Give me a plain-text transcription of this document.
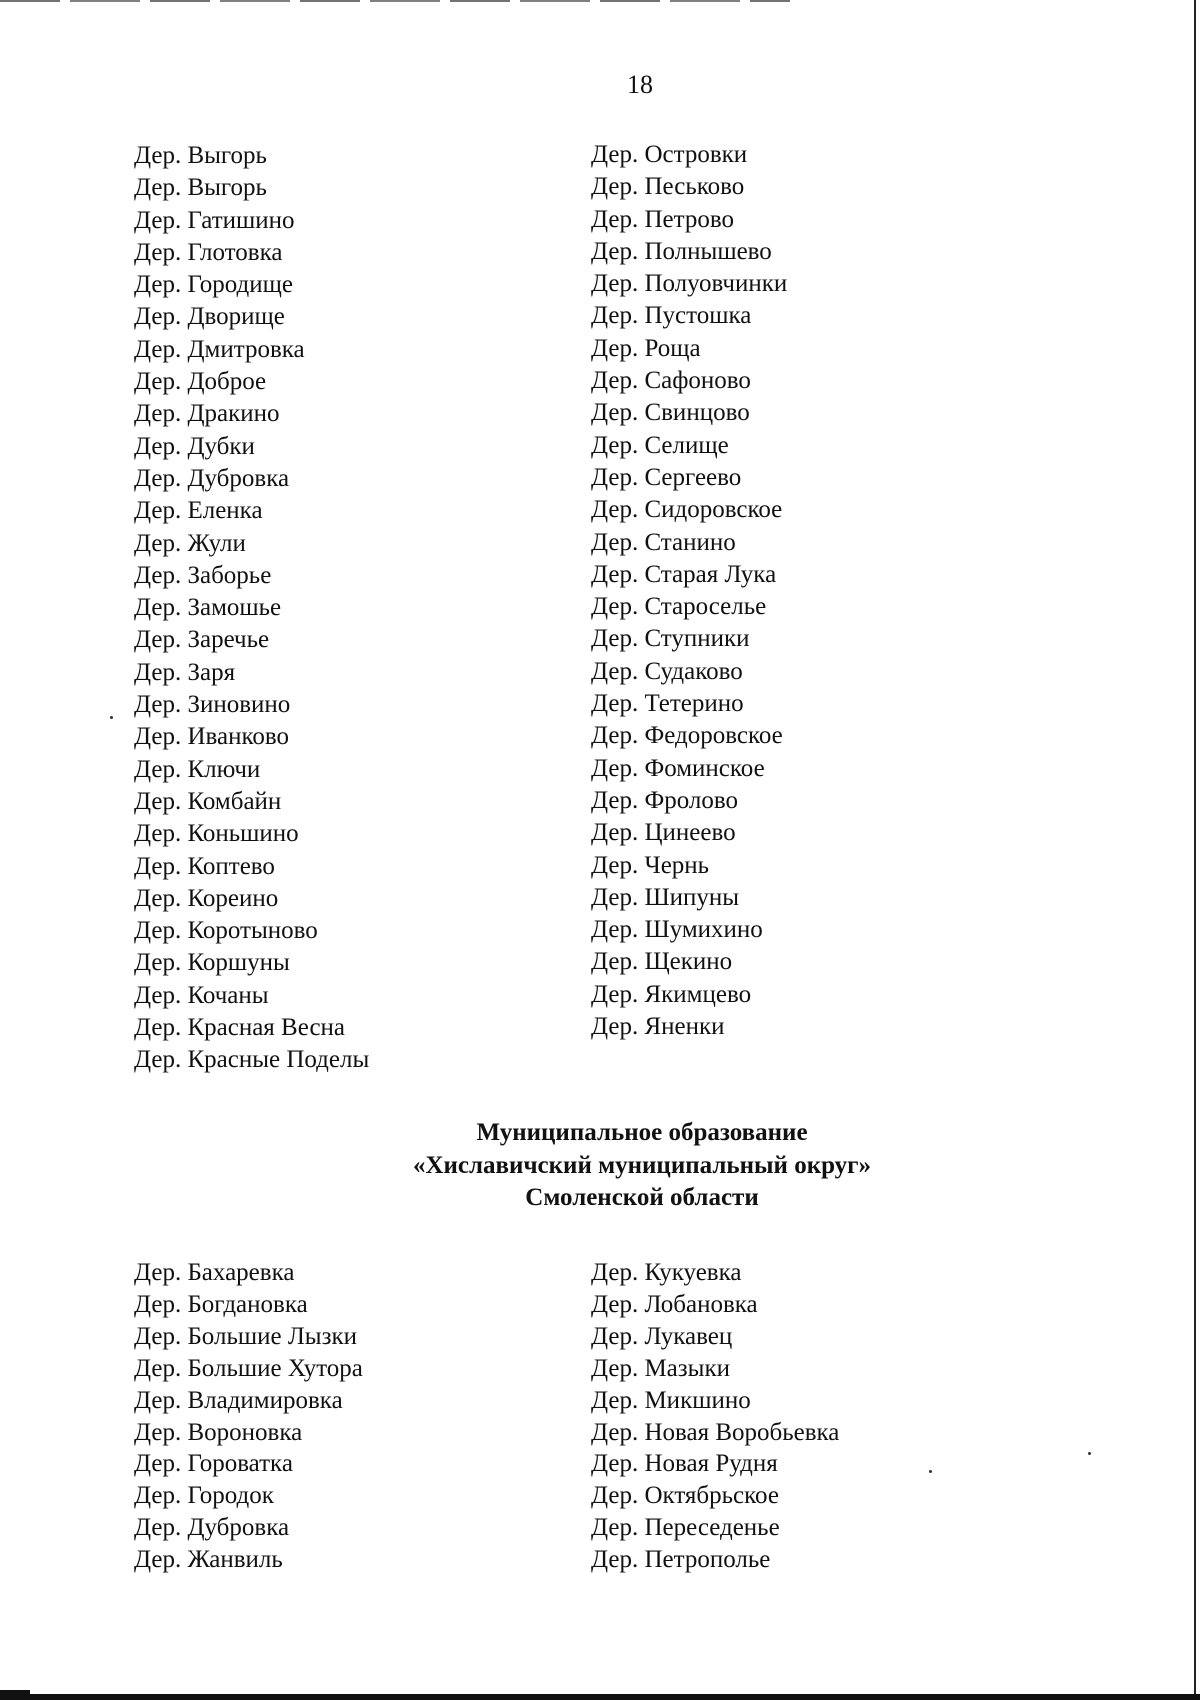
18
Дер. Выгорь
Дер. Выгорь
Дер. Гатишино
Дер. Глотовка
Дер. Городище
Дер. Дворище
Дер. Дмитровка
Дер. Доброе
Дер. Дракино
Дер. Дубки
Дер. Дубровка
Дер. Еленка
Дер. Жули
Дер. Заборье
Дер. Замошье
Дер. Заречье
Дер. Заря
Дер. Зиновино
Дер. Иванково
Дер. Ключи
Дер. Комбайн
Дер. Коньшино
Дер. Коптево
Дер. Кореино
Дер. Коротыново
Дер. Коршуны
Дер. Кочаны
Дер. Красная Весна
Дер. Красные Поделы
Дер. Островки
Дер. Песьково
Дер. Петрово
Дер. Полнышево
Дер. Полуовчинки
Дер. Пустошка
Дер. Роща
Дер. Сафоново
Дер. Свинцово
Дер. Селище
Дер. Сергеево
Дер. Сидоровское
Дер. Станино
Дер. Старая Лука
Дер. Староселье
Дер. Ступники
Дер. Судаково
Дер. Тетерино
Дер. Федоровское
Дер. Фоминское
Дер. Фролово
Дер. Цинеево
Дер. Чернь
Дер. Шипуны
Дер. Шумихино
Дер. Щекино
Дер. Якимцево
Дер. Яненки
Муниципальное образование
«Хиславичский муниципальный округ»
Смоленской области
Дер. Бахаревка
Дер. Богдановка
Дер. Большие Лызки
Дер. Большие Хутора
Дер. Владимировка
Дер. Вороновка
Дер. Гороватка
Дер. Городок
Дер. Дубровка
Дер. Жанвиль
Дер. Кукуевка
Дер. Лобановка
Дер. Лукавец
Дер. Мазыки
Дер. Микшино
Дер. Новая Воробьевка
Дер. Новая Рудня
Дер. Октябрьское
Дер. Переседенье
Дер. Петрополье
